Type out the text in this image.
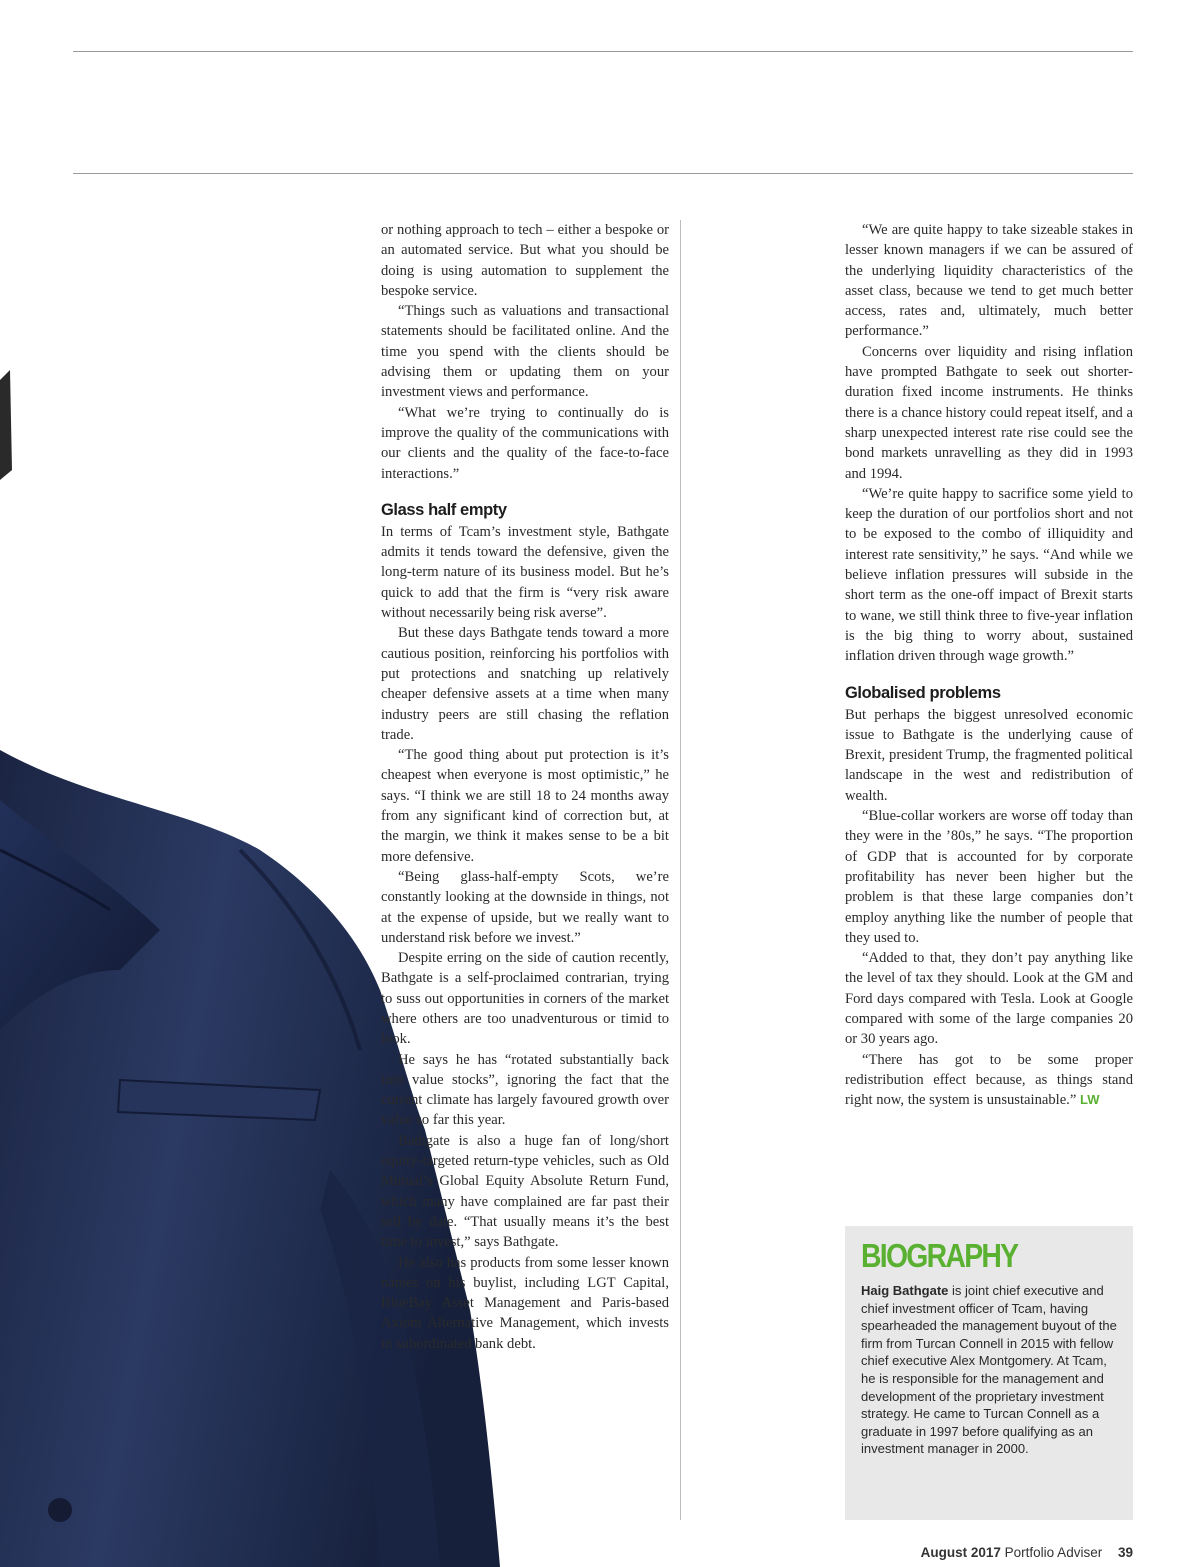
or nothing approach to tech – either a bespoke or an automated service. But what you should be doing is using automation to supplement the bespoke service.

“Things such as valuations and transactional statements should be facilitated online. And the time you spend with the clients should be advising them or updating them on your investment views and performance.

“What we’re trying to continually do is improve the quality of the communications with our clients and the quality of the face-to-face interactions.”

Glass half empty

In terms of Tcam’s investment style, Bathgate admits it tends toward the defensive, given the long-term nature of its business model. But he’s quick to add that the firm is “very risk aware without necessarily being risk averse”.

But these days Bathgate tends toward a more cautious position, reinforcing his portfolios with put protections and snatching up relatively cheaper defensive assets at a time when many industry peers are still chasing the reflation trade.

“The good thing about put protection is it’s cheapest when everyone is most optimistic,” he says. “I think we are still 18 to 24 months away from any significant kind of correction but, at the margin, we think it makes sense to be a bit more defensive.

“Being glass-half-empty Scots, we’re constantly looking at the downside in things, not at the expense of upside, but we really want to understand risk before we invest.”

Despite erring on the side of caution recently, Bathgate is a self-proclaimed contrarian, trying to suss out opportunities in corners of the market where others are too unadventurous or timid to look.

He says he has “rotated substantially back into value stocks”, ignoring the fact that the current climate has largely favoured growth over value so far this year.

Bathgate is also a huge fan of long/short equity-targeted return-type vehicles, such as Old Mutual’s Global Equity Absolute Return Fund, which many have complained are far past their sell by date. “That usually means it’s the best time to invest,” says Bathgate.

He also has products from some lesser known names on his buylist, including LGT Capital, BlueBay Asset Management and Paris-based Axiom Alternative Management, which invests in subordinated bank debt.

“We are quite happy to take sizeable stakes in lesser known managers if we can be assured of the underlying liquidity characteristics of the asset class, because we tend to get much better access, rates and, ultimately, much better performance.”

Concerns over liquidity and rising inflation have prompted Bathgate to seek out shorter-duration fixed income instruments. He thinks there is a chance history could repeat itself, and a sharp unexpected interest rate rise could see the bond markets unravelling as they did in 1993 and 1994.

“We’re quite happy to sacrifice some yield to keep the duration of our portfolios short and not to be exposed to the combo of illiquidity and interest rate sensitivity,” he says. “And while we believe inflation pressures will subside in the short term as the one-off impact of Brexit starts to wane, we still think three to five-year inflation is the big thing to worry about, sustained inflation driven through wage growth.”

Globalised problems

But perhaps the biggest unresolved economic issue to Bathgate is the underlying cause of Brexit, president Trump, the fragmented political landscape in the west and redistribution of wealth.

“Blue-collar workers are worse off today than they were in the ’80s,” he says. “The proportion of GDP that is accounted for by corporate profitability has never been higher but the problem is that these large companies don’t employ anything like the number of people that they used to.

“Added to that, they don’t pay anything like the level of tax they should. Look at the GM and Ford days compared with Tesla. Look at Google compared with some of the large companies 20 or 30 years ago.

“There has got to be some proper redistribution effect because, as things stand right now, the system is unsustainable.” LW

BIOGRAPHY
Haig Bathgate is joint chief executive and chief investment officer of Tcam, having spearheaded the management buyout of the firm from Turcan Connell in 2015 with fellow chief executive Alex Montgomery. At Tcam, he is responsible for the management and development of the proprietary investment strategy. He came to Turcan Connell as a graduate in 1997 before qualifying as an investment manager in 2000.
August 2017 Portfolio Adviser 39
